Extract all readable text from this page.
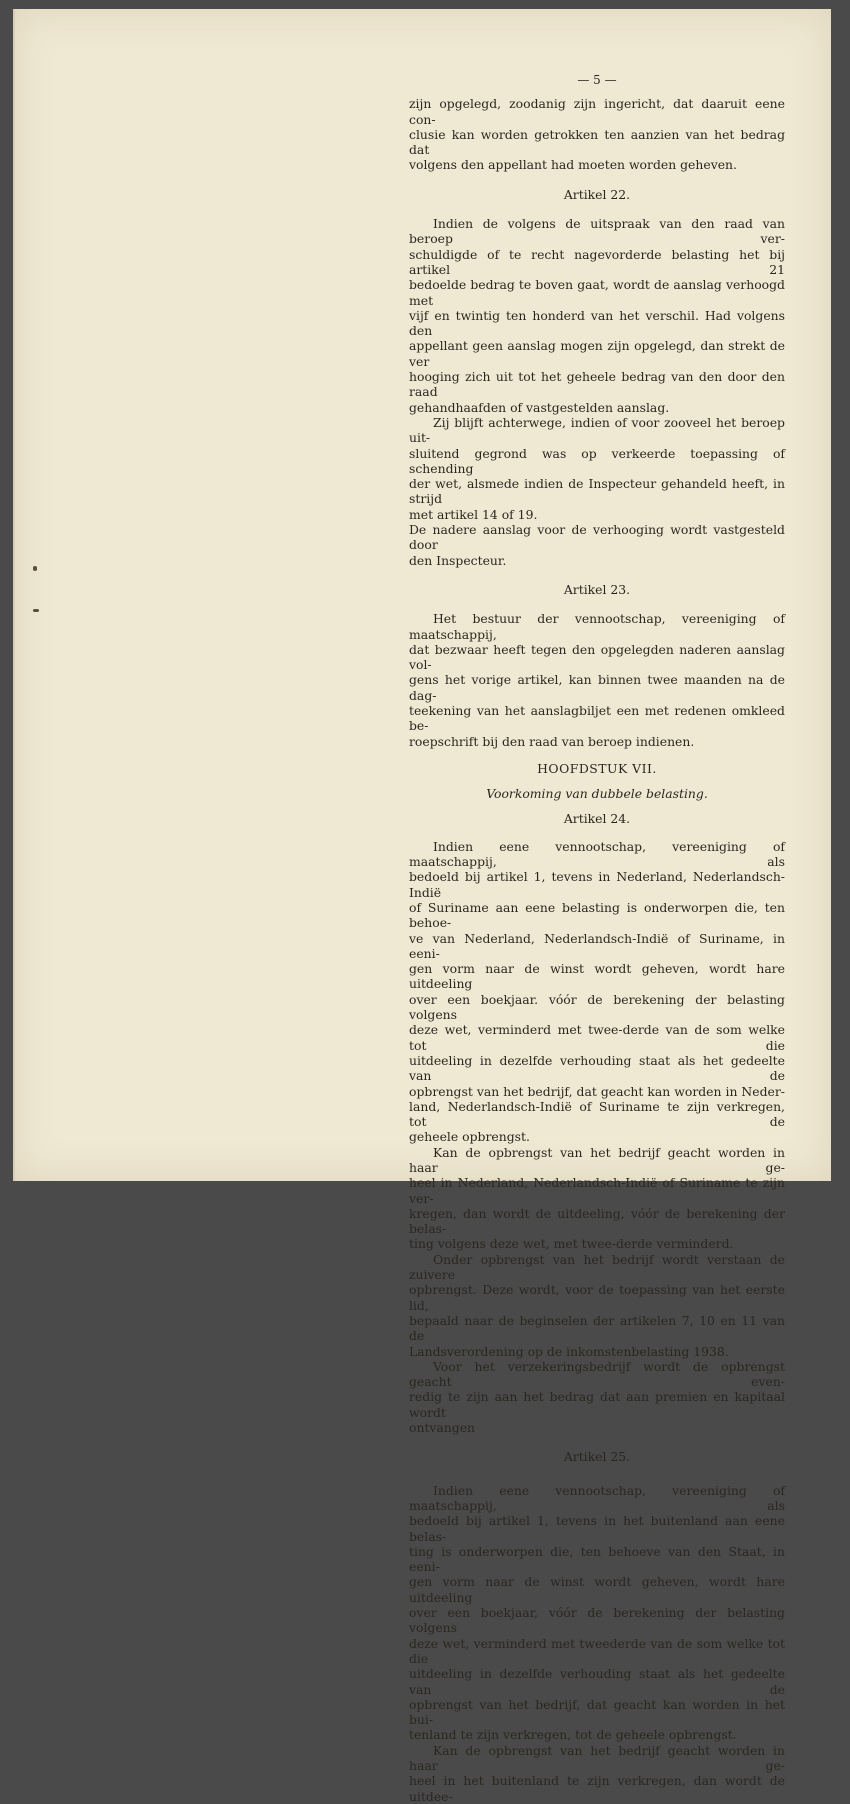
— 5 —
zijn opgelegd, zoodanig zijn ingericht, dat daaruit eene con-
clusie kan worden getrokken ten aanzien van het bedrag dat
volgens den appellant had moeten worden geheven.
Artikel 22.
Indien de volgens de uitspraak van den raad van beroep ver-
schuldigde of te recht nagevorderde belasting het bij artikel 21
bedoelde bedrag te boven gaat, wordt de aanslag verhoogd met
vijf en twintig ten honderd van het verschil. Had volgens den
appellant geen aanslag mogen zijn opgelegd, dan strekt de ver
hooging zich uit tot het geheele bedrag van den door den raad
gehandhaafden of vastgestelden aanslag.
Zij blijft achterwege, indien of voor zooveel het beroep uit-
sluitend gegrond was op verkeerde toepassing of schending
der wet, alsmede indien de Inspecteur gehandeld heeft, in strijd
met artikel 14 of 19.
De nadere aanslag voor de verhooging wordt vastgesteld door
den Inspecteur.
Artikel 23.
Het bestuur der vennootschap, vereeniging of maatschappij,
dat bezwaar heeft tegen den opgelegden naderen aanslag vol-
gens het vorige artikel, kan binnen twee maanden na de dag-
teekening van het aanslagbiljet een met redenen omkleed be-
roepschrift bij den raad van beroep indienen.
HOOFDSTUK VII.
Voorkoming van dubbele belasting.
Artikel 24.
Indien eene vennootschap, vereeniging of maatschappij, als
bedoeld bij artikel 1, tevens in Nederland, Nederlandsch-Indië
of Suriname aan eene belasting is onderworpen die, ten behoe-
ve van Nederland, Nederlandsch-Indië of Suriname, in eeni-
gen vorm naar de winst wordt geheven, wordt hare uitdeeling
over een boekjaar. vóór de berekening der belasting volgens
deze wet, verminderd met twee-derde van de som welke tot die
uitdeeling in dezelfde verhouding staat als het gedeelte van de
opbrengst van het bedrijf, dat geacht kan worden in Neder-
land, Nederlandsch-Indië of Suriname te zijn verkregen, tot de
geheele opbrengst.
Kan de opbrengst van het bedrijf geacht worden in haar ge-
heel in Nederland, Nederlandsch-Indië of Suriname te zijn ver-
kregen, dan wordt de uitdeeling, vóór de berekening der belas-
ting volgens deze wet, met twee-derde verminderd.
Onder opbrengst van het bedrijf wordt verstaan de zuivere
opbrengst. Deze wordt, voor de toepassing van het eerste lid,
bepaald naar de beginselen der artikelen 7, 10 en 11 van de
Landsverordening op de inkomstenbelasting 1938.
Voor het verzekeringsbedrijf wordt de opbrengst geacht even-
redig te zijn aan het bedrag dat aan premien en kapitaal wordt
ontvangen
Artikel 25.
Indien eene vennootschap, vereeniging of maatschappij, als
bedoeld bij artikel 1, tevens in het buitenland aan eene belas-
ting is onderworpen die, ten behoeve van den Staat, in eeni-
gen vorm naar de winst wordt geheven, wordt hare uitdeeling
over een boekjaar, vóór de berekening der belasting volgens
deze wet, verminderd met tweederde van de som welke tot die
uitdeeling in dezelfde verhouding staat als het gedeelte van de
opbrengst van het bedrijf, dat geacht kan worden in het bui-
tenland te zijn verkregen, tot de geheele opbrengst.
Kan de opbrengst van het bedrijf geacht worden in haar ge-
heel in het buitenland te zijn verkregen, dan wordt de uitdee-
